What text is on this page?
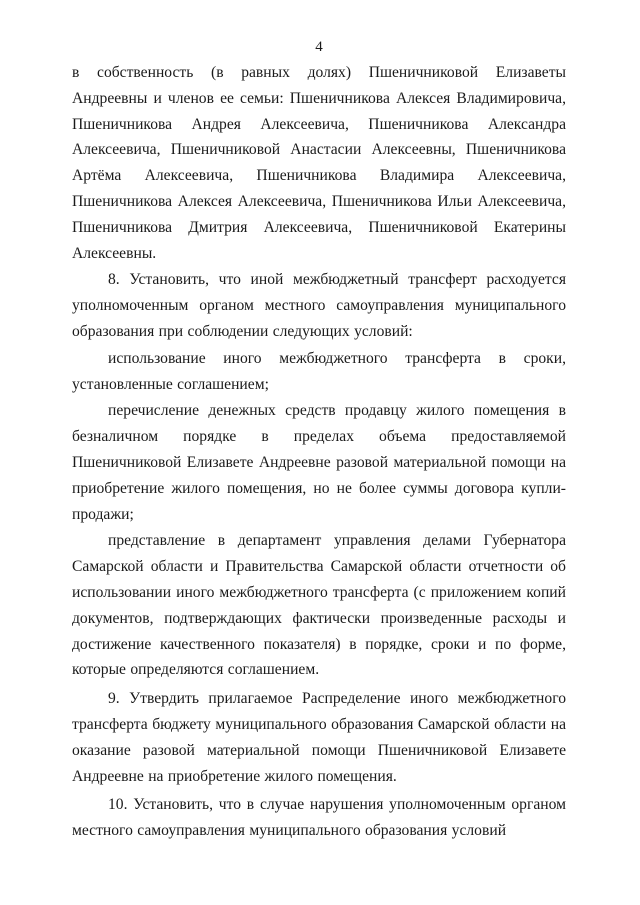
4

в собственность (в равных долях) Пшеничниковой Елизаветы Андреевны и членов ее семьи: Пшеничникова Алексея Владимировича, Пшеничникова Андрея Алексеевича, Пшеничникова Александра Алексеевича, Пшеничниковой Анастасии Алексеевны, Пшеничникова Артёма Алексеевича, Пшеничникова Владимира Алексеевича, Пшеничникова Алексея Алексеевича, Пшеничникова Ильи Алексеевича, Пшеничникова Дмитрия Алексеевича, Пшеничниковой Екатерины Алексеевны.

8. Установить, что иной межбюджетный трансферт расходуется уполномоченным органом местного самоуправления муниципального образования при соблюдении следующих условий:

использование иного межбюджетного трансферта в сроки, установленные соглашением;

перечисление денежных средств продавцу жилого помещения в безналичном порядке в пределах объема предоставляемой Пшеничниковой Елизавете Андреевне разовой материальной помощи на приобретение жилого помещения, но не более суммы договора купли-продажи;

представление в департамент управления делами Губернатора Самарской области и Правительства Самарской области отчетности об использовании иного межбюджетного трансферта (с приложением копий документов, подтверждающих фактически произведенные расходы и достижение качественного показателя) в порядке, сроки и по форме, которые определяются соглашением.

9. Утвердить прилагаемое Распределение иного межбюджетного трансферта бюджету муниципального образования Самарской области на оказание разовой материальной помощи Пшеничниковой Елизавете Андреевне на приобретение жилого помещения.

10. Установить, что в случае нарушения уполномоченным органом местного самоуправления муниципального образования условий
